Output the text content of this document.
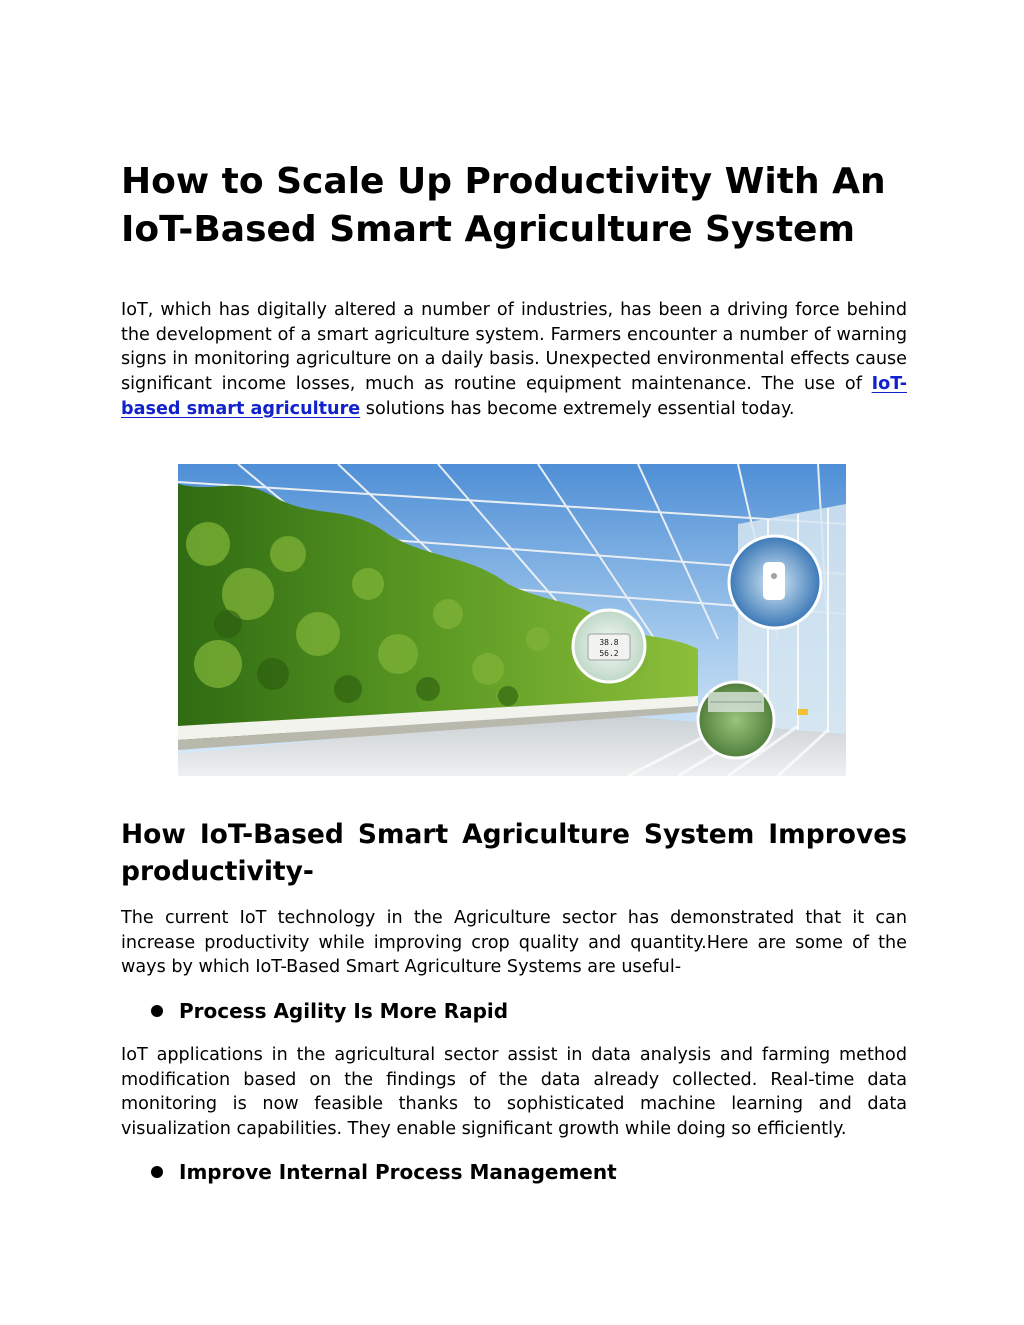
How to Scale Up Productivity With An IoT-Based Smart Agriculture System

IoT, which has digitally altered a number of industries, has been a driving force behind the development of a smart agriculture system. Farmers encounter a number of warning signs in monitoring agriculture on a daily basis. Unexpected environmental effects cause significant income losses, much as routine equipment maintenance. The use of IoT-based smart agriculture solutions has become extremely essential today.

38.8
56.2
How IoT-Based Smart Agriculture System Improves productivity-

The current IoT technology in the Agriculture sector has demonstrated that it can increase productivity while improving crop quality and quantity.Here are some of the ways by which IoT-Based Smart Agriculture Systems are useful-

Process Agility Is More Rapid

IoT applications in the agricultural sector assist in data analysis and farming method modification based on the findings of the data already collected. Real-time data monitoring is now feasible thanks to sophisticated machine learning and data visualization capabilities. They enable significant growth while doing so efficiently.

Improve Internal Process Management
